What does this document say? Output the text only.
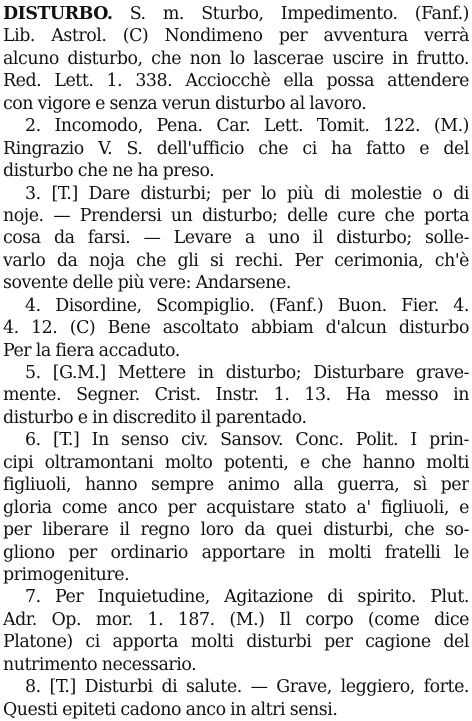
DISTURBO. S. m. Sturbo, Impedimento. (Fanf.)
Lib. Astrol. (C) Nondimeno per avventura verrà
alcuno disturbo, che non lo lascerae uscire in frutto.
Red. Lett. 1. 338. Acciocchè ella possa attendere
con vigore e senza verun disturbo al lavoro.
2. Incomodo, Pena. Car. Lett. Tomit. 122. (M.)
Ringrazio V. S. dell'ufficio che ci ha fatto e del
disturbo che ne ha preso.
3. [T.] Dare disturbi; per lo più di molestie o di
noje. — Prendersi un disturbo; delle cure che porta
cosa da farsi. — Levare a uno il disturbo; solle-
varlo da noja che gli si rechi. Per cerimonia, ch'è
sovente delle più vere: Andarsene.
4. Disordine, Scompiglio. (Fanf.) Buon. Fier. 4.
4. 12. (C) Bene ascoltato abbiam d'alcun disturbo
Per la fiera accaduto.
5. [G.M.] Mettere in disturbo; Disturbare grave-
mente. Segner. Crist. Instr. 1. 13. Ha messo in
disturbo e in discredito il parentado.
6. [T.] In senso civ. Sansov. Conc. Polit. I prin-
cipi oltramontani molto potenti, e che hanno molti
figliuoli, hanno sempre animo alla guerra, sì per
gloria come anco per acquistare stato a' figliuoli, e
per liberare il regno loro da quei disturbi, che so-
gliono per ordinario apportare in molti fratelli le
primogeniture.
7. Per Inquietudine, Agitazione di spirito. Plut.
Adr. Op. mor. 1. 187. (M.) Il corpo (come dice
Platone) ci apporta molti disturbi per cagione del
nutrimento necessario.
8. [T.] Disturbi di salute. — Grave, leggiero, forte.
Questi epiteti cadono anco in altri sensi.
